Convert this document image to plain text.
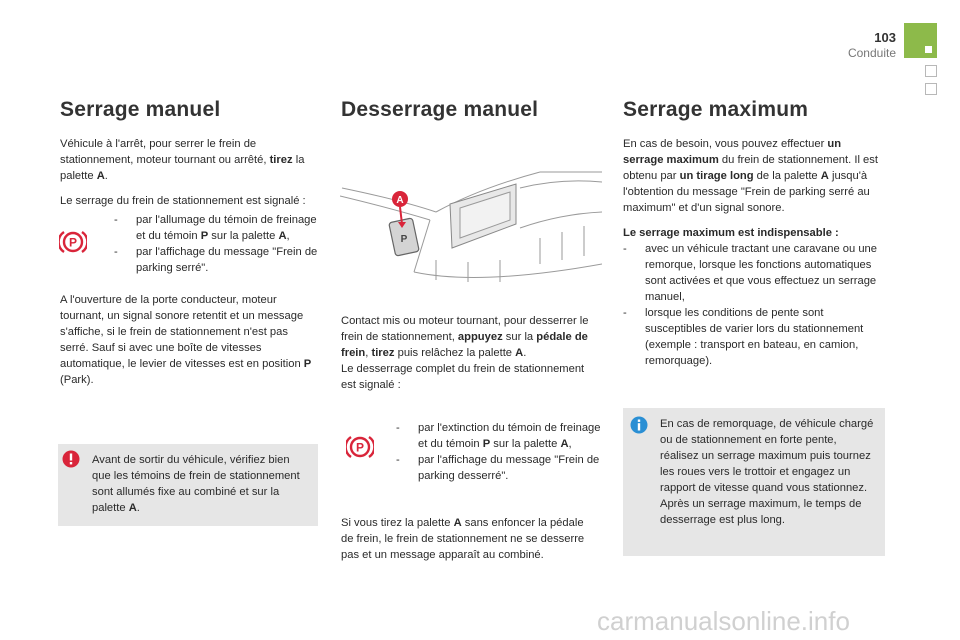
103
Conduite
Serrage manuel

Véhicule à l'arrêt, pour serrer le frein de stationnement, moteur tournant ou arrêté, tirez la palette A.

Le serrage du frein de stationnement est signalé :

-	par l'allumage du témoin de freinage et du témoin P sur la palette A,
-	par l'affichage du message "Frein de parking serré".

A l'ouverture de la porte conducteur, moteur tournant, un signal sonore retentit et un message s'affiche, si le frein de stationnement n'est pas serré. Sauf si avec une boîte de vitesses automatique, le levier de vitesses est en position P (Park).

P

Avant de sortir du véhicule, vérifiez bien que les témoins de frein de stationnement sont allumés fixe au combiné et sur la palette A.

Desserrage manuel
P
A

Contact mis ou moteur tournant, pour desserrer le frein de stationnement, appuyez sur la pédale de frein, tirez puis relâchez la palette A.

Le desserrage complet du frein de stationnement est signalé :

P
-	par l'extinction du témoin de freinage et du témoin P sur la palette A,
-	par l'affichage du message "Frein de parking desserré".

Si vous tirez la palette A sans enfoncer la pédale de frein, le frein de stationnement ne se desserre pas et un message apparaît au combiné.

Serrage maximum

En cas de besoin, vous pouvez effectuer un serrage maximum du frein de stationnement. Il est obtenu par un tirage long de la palette A jusqu'à l'obtention du message "Frein de parking serré au maximum" et d'un signal sonore.

Le serrage maximum est indispensable :

-	avec un véhicule tractant une caravane ou une remorque, lorsque les fonctions automatiques sont activées et que vous effectuez un serrage manuel,
-	lorsque les conditions de pente sont susceptibles de varier lors du stationnement (exemple : transport en bateau, en camion, remorquage).

En cas de remorquage, de véhicule chargé ou de stationnement en forte pente, réalisez un serrage maximum puis tournez les roues vers le trottoir et engagez un rapport de vitesse quand vous stationnez.

Après un serrage maximum, le temps de desserrage est plus long.

carmanualsonline.info
